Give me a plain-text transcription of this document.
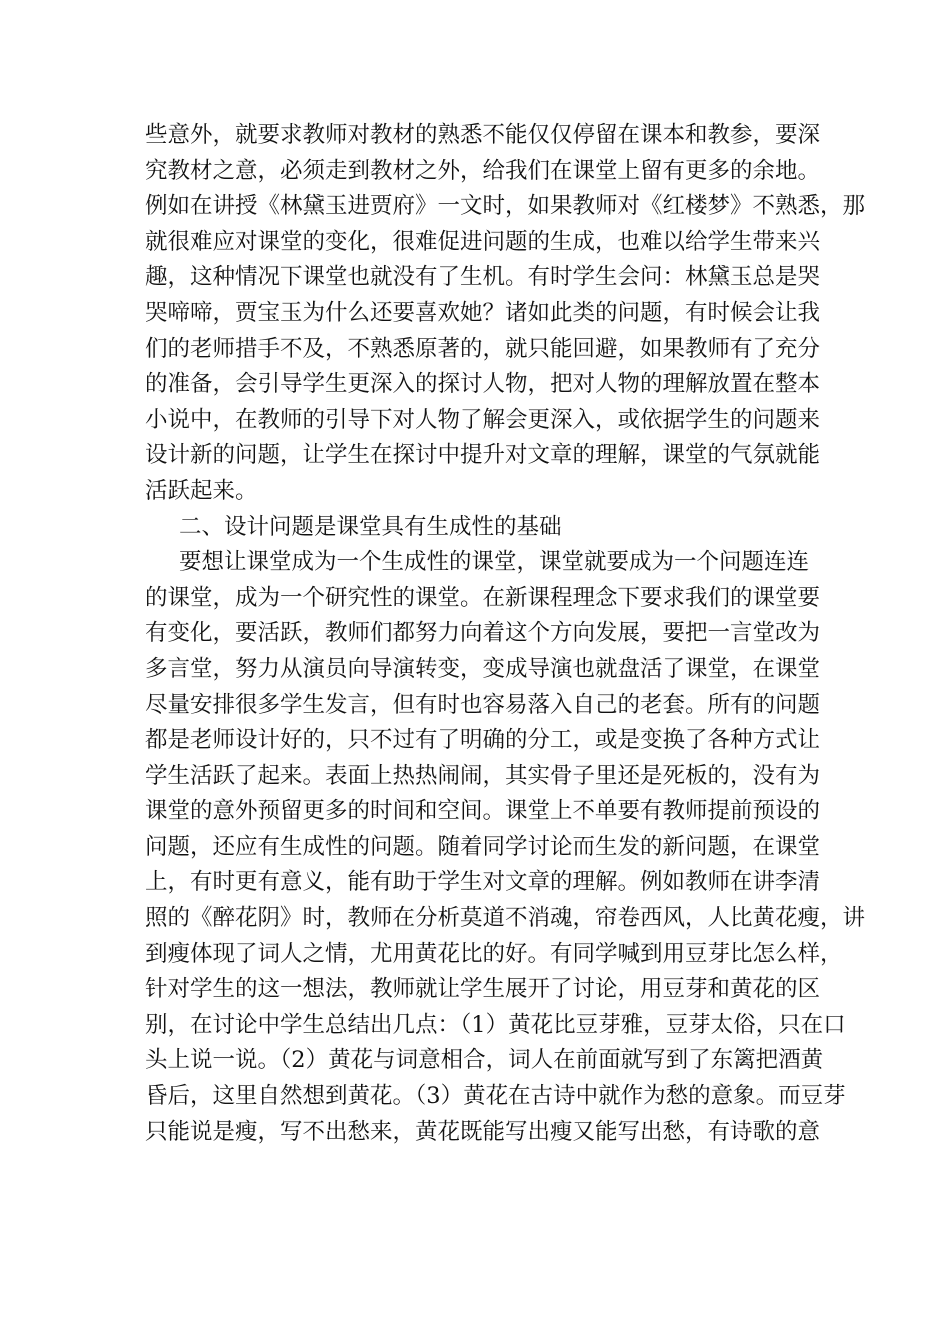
些意外，就要求教师对教材的熟悉不能仅仅停留在课本和教参，要深
究教材之意，必须走到教材之外，给我们在课堂上留有更多的余地。
例如在讲授《林黛玉进贾府》一文时，如果教师对《红楼梦》不熟悉，那
就很难应对课堂的变化，很难促进问题的生成，也难以给学生带来兴
趣，这种情况下课堂也就没有了生机。有时学生会问：林黛玉总是哭
哭啼啼，贾宝玉为什么还要喜欢她？诸如此类的问题，有时候会让我
们的老师措手不及，不熟悉原著的，就只能回避，如果教师有了充分
的准备，会引导学生更深入的探讨人物，把对人物的理解放置在整本
小说中，在教师的引导下对人物了解会更深入，或依据学生的问题来
设计新的问题，让学生在探讨中提升对文章的理解，课堂的气氛就能
活跃起来。
二、设计问题是课堂具有生成性的基础
要想让课堂成为一个生成性的课堂，课堂就要成为一个问题连连
的课堂，成为一个研究性的课堂。在新课程理念下要求我们的课堂要
有变化，要活跃，教师们都努力向着这个方向发展，要把一言堂改为
多言堂，努力从演员向导演转变，变成导演也就盘活了课堂，在课堂
尽量安排很多学生发言，但有时也容易落入自己的老套。所有的问题
都是老师设计好的，只不过有了明确的分工，或是变换了各种方式让
学生活跃了起来。表面上热热闹闹，其实骨子里还是死板的，没有为
课堂的意外预留更多的时间和空间。课堂上不单要有教师提前预设的
问题，还应有生成性的问题。随着同学讨论而生发的新问题，在课堂
上，有时更有意义，能有助于学生对文章的理解。例如教师在讲李清
照的《醉花阴》时，教师在分析莫道不消魂，帘卷西风，人比黄花瘦，讲
到瘦体现了词人之情，尤用黄花比的好。有同学喊到用豆芽比怎么样，
针对学生的这一想法，教师就让学生展开了讨论，用豆芽和黄花的区
别，在讨论中学生总结出几点：（1）黄花比豆芽雅，豆芽太俗，只在口
头上说一说。（2）黄花与词意相合，词人在前面就写到了东篱把酒黄
昏后，这里自然想到黄花。（3）黄花在古诗中就作为愁的意象。而豆芽
只能说是瘦，写不出愁来，黄花既能写出瘦又能写出愁，有诗歌的意
